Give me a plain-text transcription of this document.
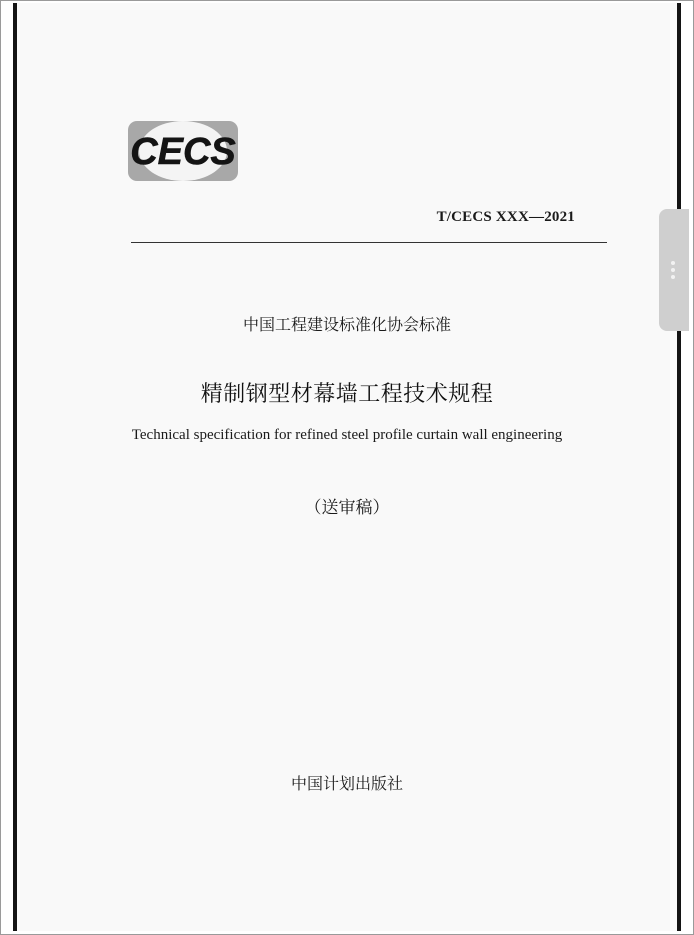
CECS
T/CECS XXX—2021
中国工程建设标准化协会标准
精制钢型材幕墙工程技术规程
Technical specification for refined steel profile curtain wall engineering
（送审稿）
中国计划出版社
